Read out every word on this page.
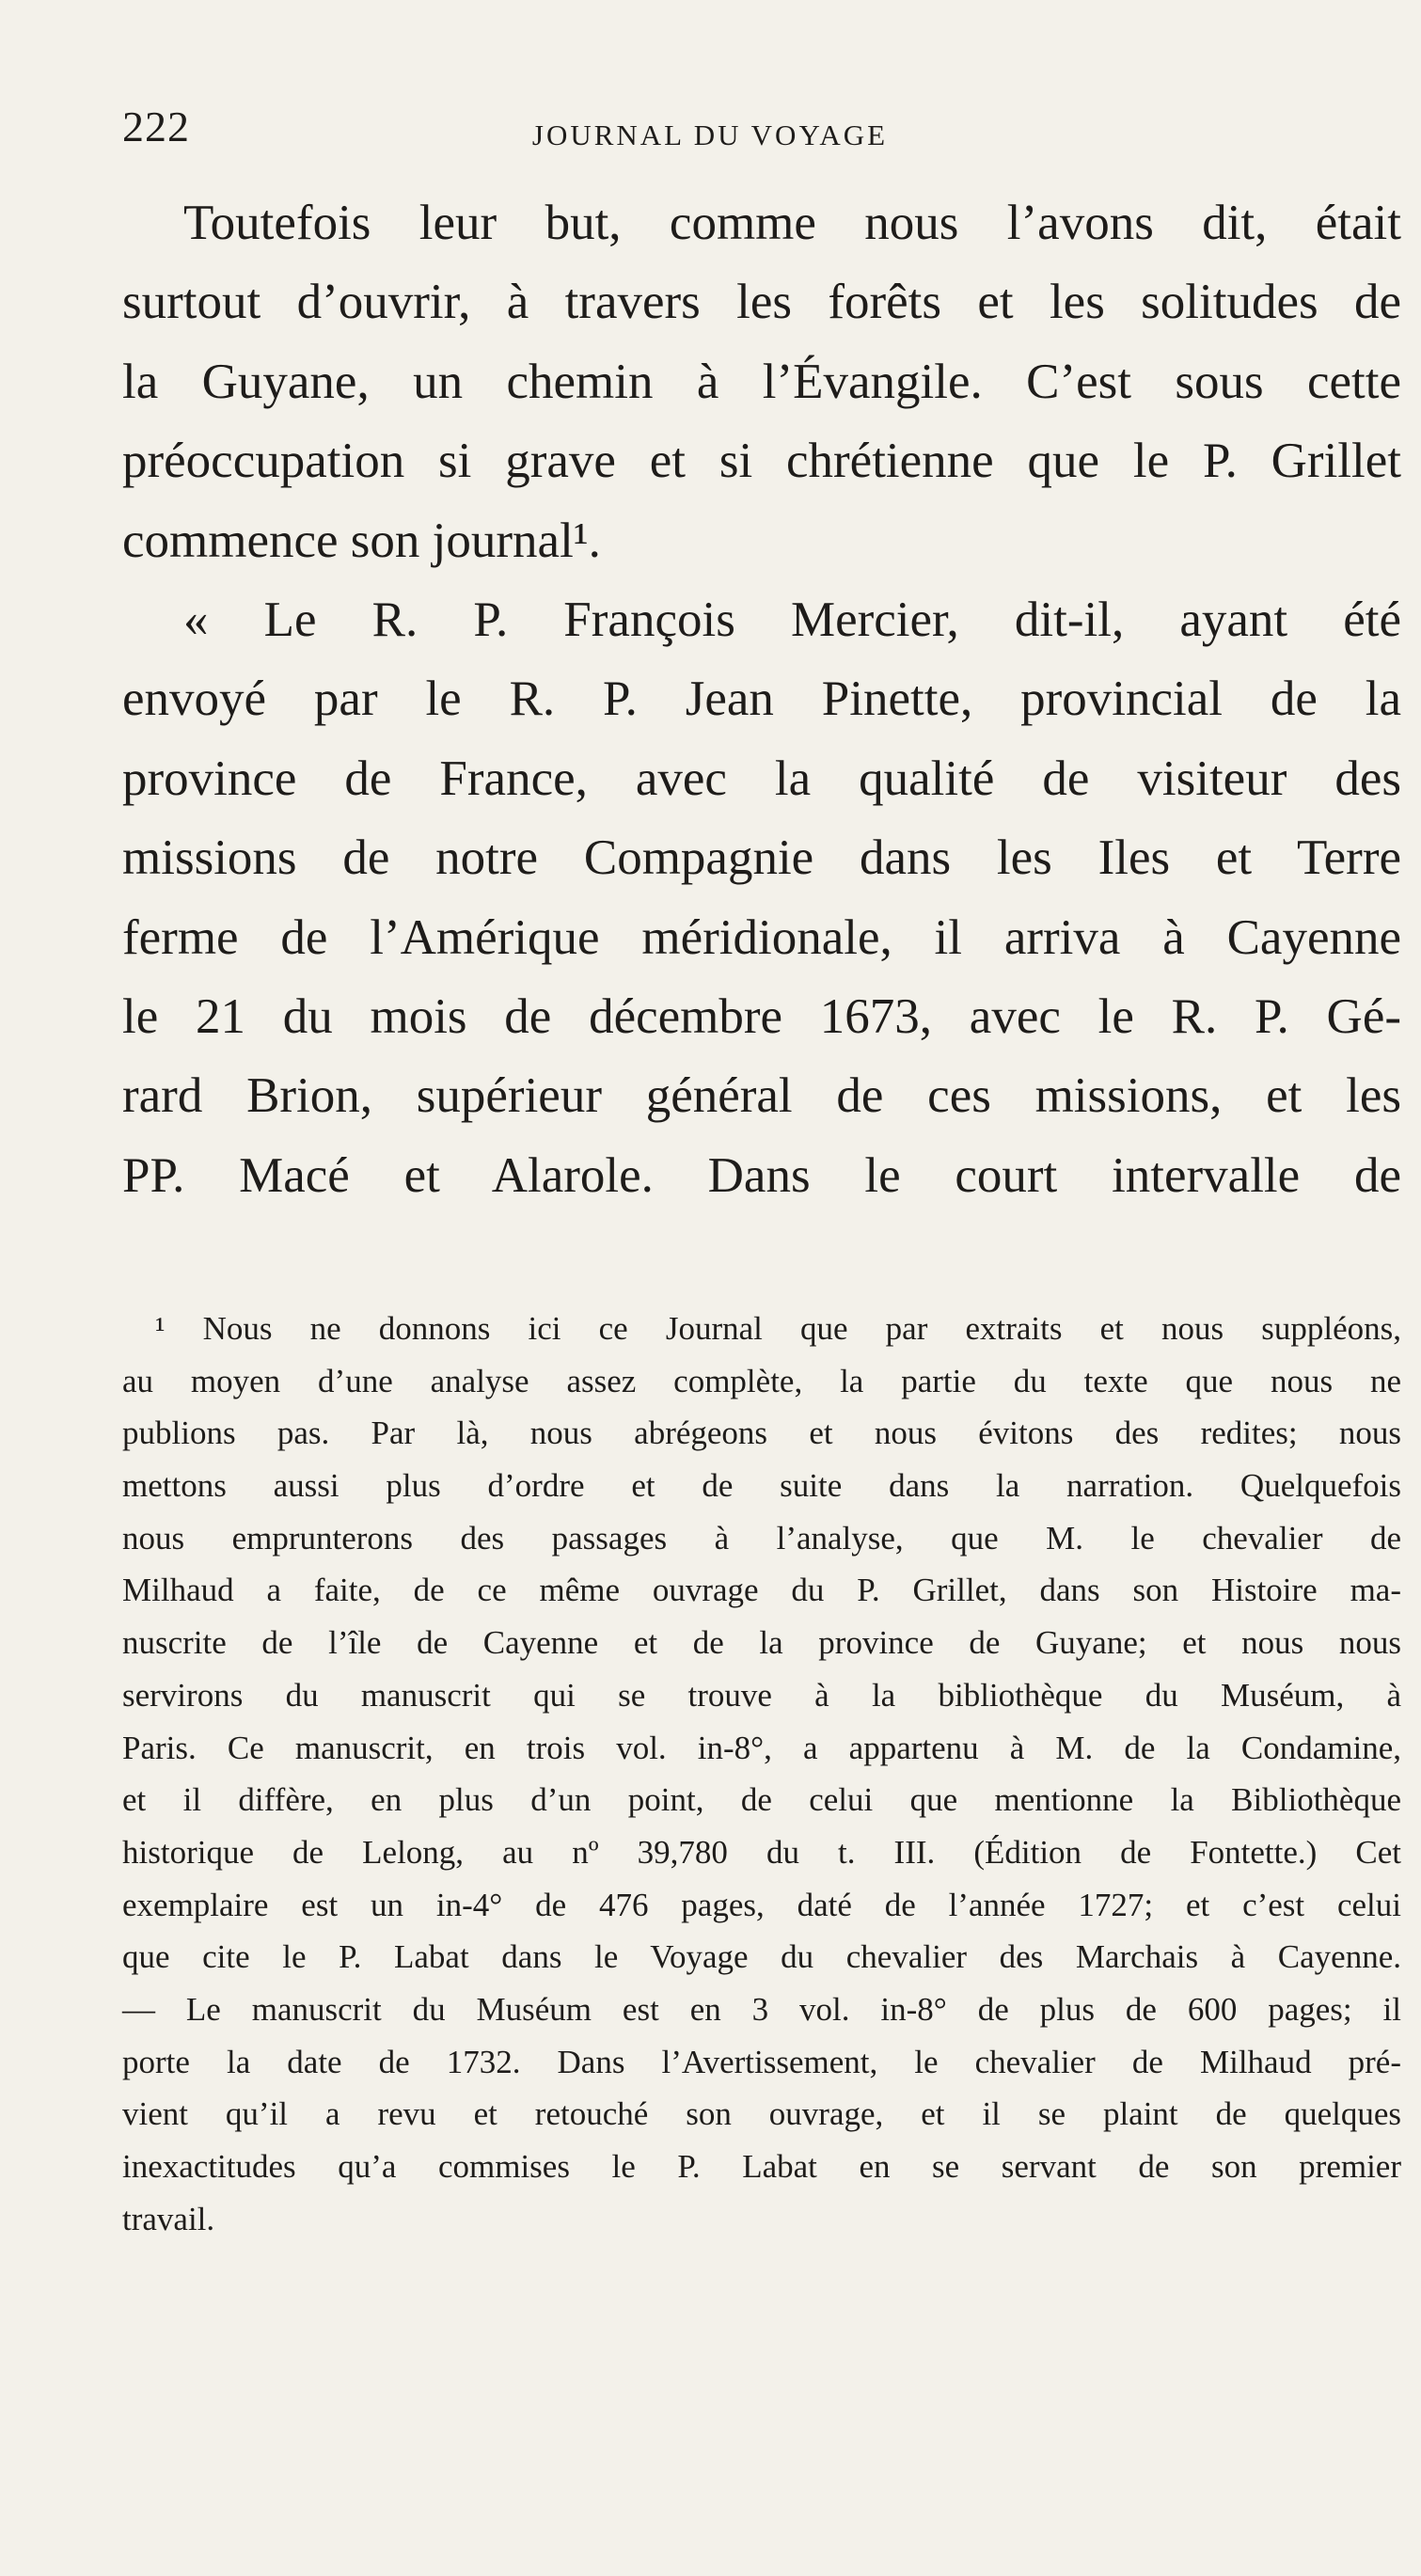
222	JOURNAL DU VOYAGE
Toutefois leur but, comme nous l’avons dit, était
surtout d’ouvrir, à travers les forêts et les solitudes de
la Guyane, un chemin à l’Évangile. C’est sous cette
préoccupation si grave et si chrétienne que le P. Grillet
commence son journal¹.
« Le R. P. François Mercier, dit-il, ayant été
envoyé par le R. P. Jean Pinette, provincial de la
province de France, avec la qualité de visiteur des
missions de notre Compagnie dans les Iles et Terre
ferme de l’Amérique méridionale, il arriva à Cayenne
le 21 du mois de décembre 1673, avec le R. P. Gé-
rard Brion, supérieur général de ces missions, et les
PP. Macé et Alarole. Dans le court intervalle de
¹ Nous ne donnons ici ce Journal que par extraits et nous suppléons,
au moyen d’une analyse assez complète, la partie du texte que nous ne
publions pas. Par là, nous abrégeons et nous évitons des redites; nous
mettons aussi plus d’ordre et de suite dans la narration. Quelquefois
nous emprunterons des passages à l’analyse, que M. le chevalier de
Milhaud a faite, de ce même ouvrage du P. Grillet, dans son Histoire ma-
nuscrite de l’île de Cayenne et de la province de Guyane; et nous nous
servirons du manuscrit qui se trouve à la bibliothèque du Muséum, à
Paris. Ce manuscrit, en trois vol. in-8°, a appartenu à M. de la Condamine,
et il diffère, en plus d’un point, de celui que mentionne la Bibliothèque
historique de Lelong, au nº 39,780 du t. III. (Édition de Fontette.) Cet
exemplaire est un in-4° de 476 pages, daté de l’année 1727; et c’est celui
que cite le P. Labat dans le Voyage du chevalier des Marchais à Cayenne.
— Le manuscrit du Muséum est en 3 vol. in-8° de plus de 600 pages; il
porte la date de 1732. Dans l’Avertissement, le chevalier de Milhaud pré-
vient qu’il a revu et retouché son ouvrage, et il se plaint de quelques
inexactitudes qu’a commises le P. Labat en se servant de son premier
travail.
